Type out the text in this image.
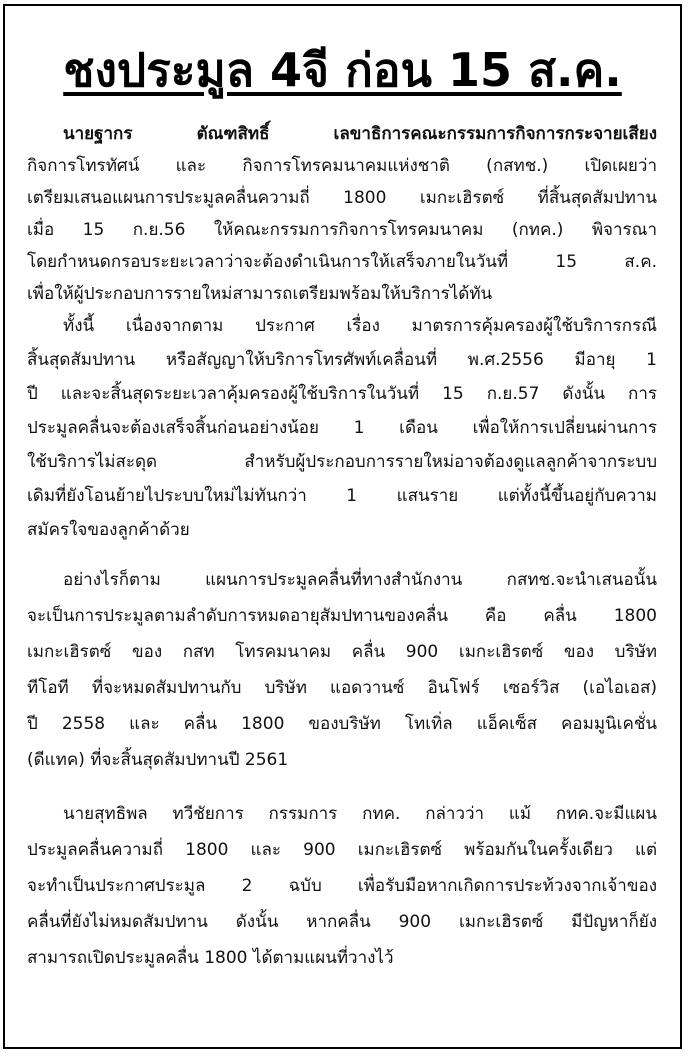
ชงประมูล 4จี ก่อน 15 ส.ค.
นายฐากร ตัณฑสิทธิ์ เลขาธิการคณะกรรมการกิจการกระจายเสียง
กิจการโทรทัศน์ และ กิจการโทรคมนาคมแห่งชาติ (กสทช.) เปิดเผยว่า
เตรียมเสนอแผนการประมูลคลื่นความถี่ 1800 เมกะเฮิรตซ์ ที่สิ้นสุดสัมปทาน
เมื่อ 15 ก.ย.56 ให้คณะกรรมการกิจการโทรคมนาคม (กทค.) พิจารณา
โดยกำหนดกรอบระยะเวลาว่าจะต้องดำเนินการให้เสร็จภายในวันที่ 15 ส.ค.
เพื่อให้ผู้ประกอบการรายใหม่สามารถเตรียมพร้อมให้บริการได้ทัน
ทั้งนี้ เนื่องจากตาม ประกาศ เรื่อง มาตรการคุ้มครองผู้ใช้บริการกรณี
สิ้นสุดสัมปทาน หรือสัญญาให้บริการโทรศัพท์เคลื่อนที่ พ.ศ.2556 มีอายุ 1
ปี และจะสิ้นสุดระยะเวลาคุ้มครองผู้ใช้บริการในวันที่ 15 ก.ย.57 ดังนั้น การ
ประมูลคลื่นจะต้องเสร็จสิ้นก่อนอย่างน้อย 1 เดือน เพื่อให้การเปลี่ยนผ่านการ
ใช้บริการไม่สะดุด สำหรับผู้ประกอบการรายใหม่อาจต้องดูแลลูกค้าจากระบบ
เดิมที่ยังโอนย้ายไประบบใหม่ไม่ทันกว่า 1 แสนราย แต่ทั้งนี้ขึ้นอยู่กับความ
สมัครใจของลูกค้าด้วย
อย่างไรก็ตาม แผนการประมูลคลื่นที่ทางสำนักงาน กสทช.จะนำเสนอนั้น
จะเป็นการประมูลตามลำดับการหมดอายุสัมปทานของคลื่น คือ คลื่น 1800
เมกะเฮิรตซ์ ของ กสท โทรคมนาคม คลื่น 900 เมกะเฮิรตซ์ ของ บริษัท
ทีโอที ที่จะหมดสัมปทานกับ บริษัท แอดวานซ์ อินโฟร์ เซอร์วิส (เอไอเอส)
ปี 2558 และ คลื่น 1800 ของบริษัท โทเทิ่ล แอ็คเซ็ส คอมมูนิเคชั่น
(ดีแทค) ที่จะสิ้นสุดสัมปทานปี 2561
นายสุทธิพล ทวีชัยการ กรรมการ กทค. กล่าวว่า แม้ กทค.จะมีแผน
ประมูลคลื่นความถี่ 1800 และ 900 เมกะเฮิรตซ์ พร้อมกันในครั้งเดียว แต่
จะทำเป็นประกาศประมูล 2 ฉบับ เพื่อรับมือหากเกิดการประท้วงจากเจ้าของ
คลื่นที่ยังไม่หมดสัมปทาน ดังนั้น หากคลื่น 900 เมกะเฮิรตซ์ มีปัญหาก็ยัง
สามารถเปิดประมูลคลื่น 1800 ได้ตามแผนที่วางไว้
